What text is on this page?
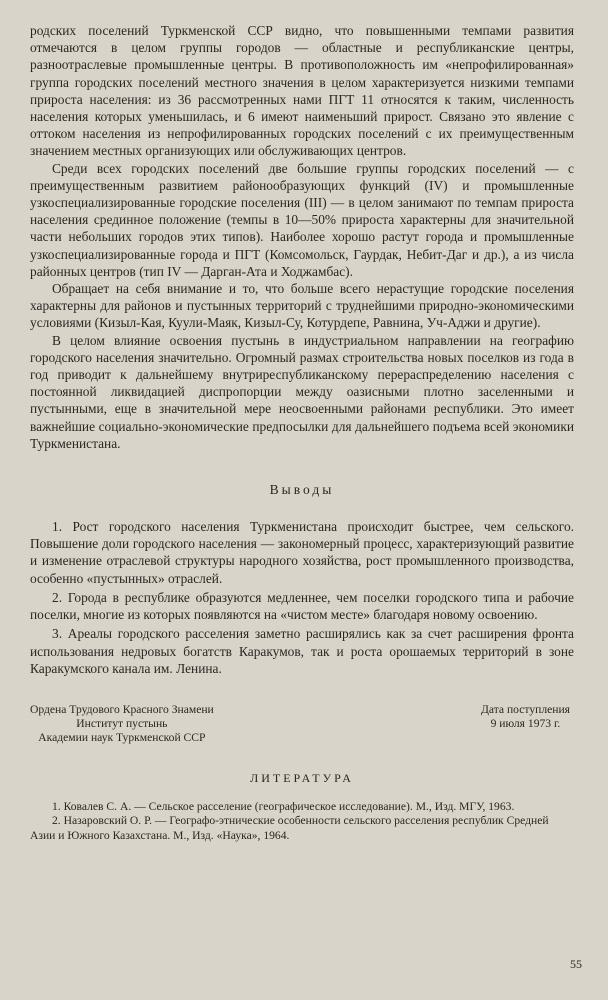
родских поселений Туркменской ССР видно, что повышенными темпами развития отмечаются в целом группы городов — областные и республиканские центры, разноотраслевые промышленные центры. В противоположность им «непрофилированная» группа городских поселений местного значения в целом характеризуется низкими темпами прироста населения: из 36 рассмотренных нами ПГТ 11 относятся к таким, численность населения которых уменьшилась, и 6 имеют наименьший прирост. Связано это явление с оттоком населения из непрофилированных городских поселений с их преимущественным значением местных организующих или обслуживающих центров.

Среди всех городских поселений две большие группы городских поселений — с преимущественным развитием районообразующих функций (IV) и промышленные узкоспециализированные городские поселения (III) — в целом занимают по темпам прироста населения срединное положение (темпы в 10—50% прироста характерны для значительной части небольших городов этих типов). Наиболее хорошо растут города и промышленные узкоспециализированные города и ПГТ (Комсомольск, Гаурдак, Небит-Даг и др.), а из числа районных центров (тип IV — Дарган-Ата и Ходжамбас).

Обращает на себя внимание и то, что больше всего нерастущие городские поселения характерны для районов и пустынных территорий с труднейшими природно-экономическими условиями (Кизыл-Кая, Куули-Маяк, Кизыл-Су, Котурдепе, Равнина, Уч-Аджи и другие).

В целом влияние освоения пустынь в индустриальном направлении на географию городского населения значительно. Огромный размах строительства новых поселков из года в год приводит к дальнейшему внутриреспубликанскому перераспределению населения с постоянной ликвидацией диспропорции между оазисными плотно заселенными и пустынными, еще в значительной мере неосвоенными районами республики. Это имеет важнейшие социально-экономические предпосылки для дальнейшего подъема всей экономики Туркменистана.

Выводы

1. Рост городского населения Туркменистана происходит быстрее, чем сельского. Повышение доли городского населения — закономерный процесс, характеризующий развитие и изменение отраслевой структуры народного хозяйства, рост промышленного производства, особенно «пустынных» отраслей.

2. Города в республике образуются медленнее, чем поселки городского типа и рабочие поселки, многие из которых появляются на «чистом месте» благодаря новому освоению.

3. Ареалы городского расселения заметно расширялись как за счет расширения фронта использования недровых богатств Каракумов, так и роста орошаемых территорий в зоне Каракумского канала им. Ленина.

Ордена Трудового Красного Знамени
Институт пустынь
Академии наук Туркменской ССР
Дата поступления
9 июля 1973 г.
ЛИТЕРАТУРА

1. Ковалев С. А. — Сельское расселение (географическое исследование). М., Изд. МГУ, 1963.

2. Назаровский О. Р. — Географо-этнические особенности сельского расселения республик Средней Азии и Южного Казахстана. М., Изд. «Наука», 1964.

55
